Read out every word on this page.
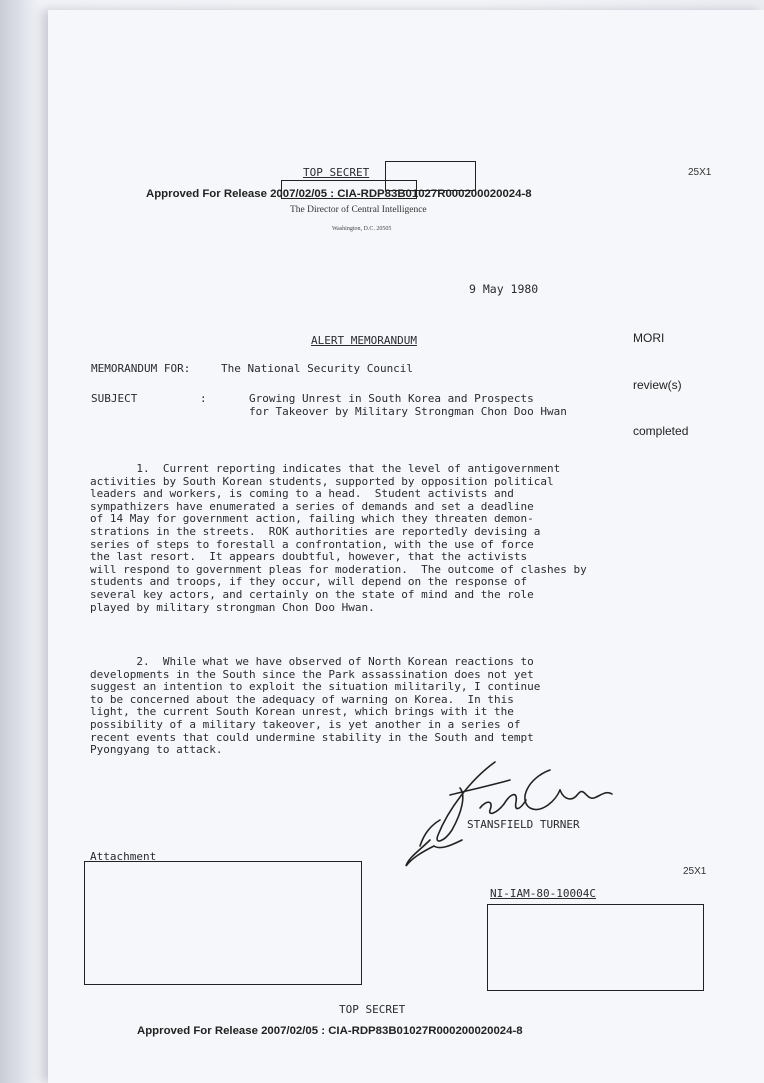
TOP SECRET	25X1
Approved For Release 2007/02/05 : CIA-RDP83B01027R000200020024-8
The Director of Central Intelligence
Washington, D.C. 20505
9 May 1980

MORI

review(s)

completed

ALERT MEMORANDUM
MEMORANDUM FOR:	The National Security Council
SUBJECT	:	Growing Unrest in South Korea and Prospects
for Takeover by Military Strongman Chon Doo Hwan
1.  Current reporting indicates that the level of antigovernment
activities by South Korean students, supported by opposition political
leaders and workers, is coming to a head.  Student activists and
sympathizers have enumerated a series of demands and set a deadline
of 14 May for government action, failing which they threaten demon-
strations in the streets.  ROK authorities are reportedly devising a
series of steps to forestall a confrontation, with the use of force
the last resort.  It appears doubtful, however, that the activists
will respond to government pleas for moderation.  The outcome of clashes by
students and troops, if they occur, will depend on the response of
several key actors, and certainly on the state of mind and the role
played by military strongman Chon Doo Hwan.
2.  While what we have observed of North Korean reactions to
developments in the South since the Park assassination does not yet
suggest an intention to exploit the situation militarily, I continue
to be concerned about the adequacy of warning on Korea.  In this
light, the current South Korean unrest, which brings with it the
possibility of a military takeover, is yet another in a series of
recent events that could undermine stability in the South and tempt
Pyongyang to attack.
STANSFIELD TURNER
Attachment
25X1
NI-IAM-80-10004C
TOP SECRET
Approved For Release 2007/02/05 : CIA-RDP83B01027R000200020024-8
